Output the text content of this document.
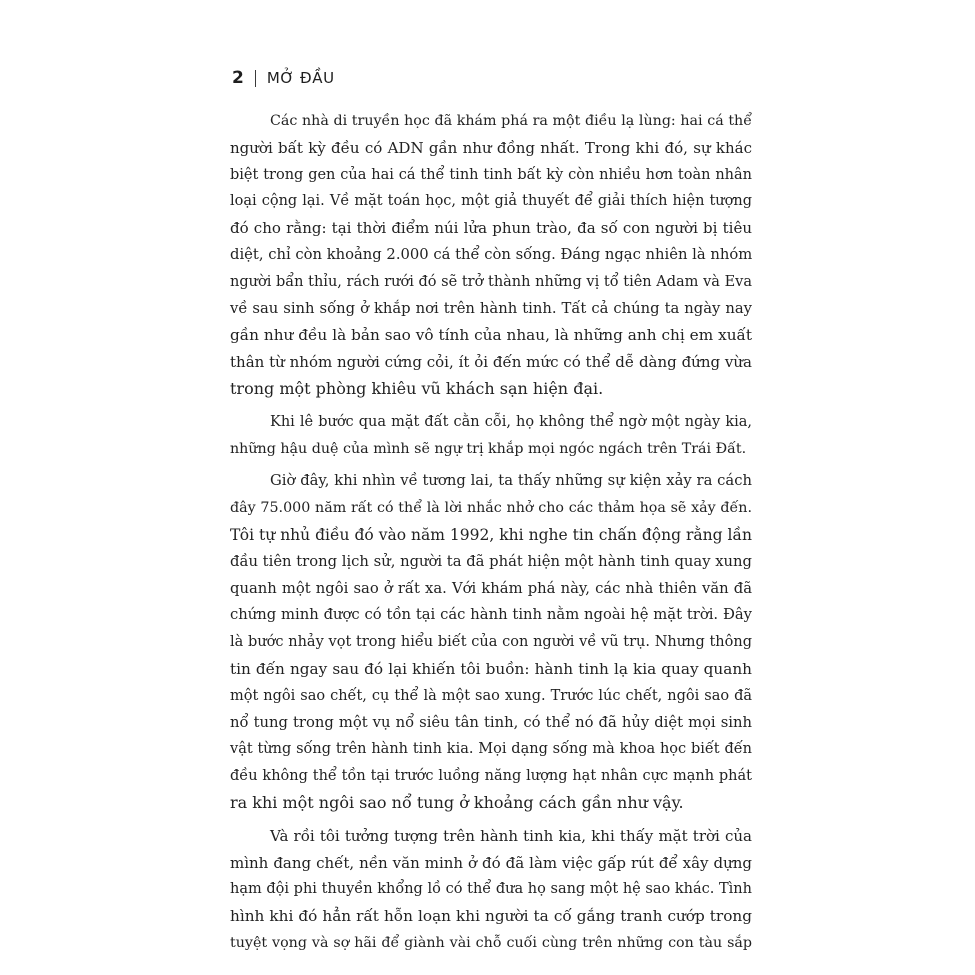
2 MỞ ĐẦU
Các nhà di truyền học đã khám phá ra một điều lạ lùng: hai cá thể
người bất kỳ đều có ADN gần như đồng nhất. Trong khi đó, sự khác
biệt trong gen của hai cá thể tinh tinh bất kỳ còn nhiều hơn toàn nhân
loại cộng lại. Về mặt toán học, một giả thuyết để giải thích hiện tượng
đó cho rằng: tại thời điểm núi lửa phun trào, đa số con người bị tiêu
diệt, chỉ còn khoảng 2.000 cá thể còn sống. Đáng ngạc nhiên là nhóm
người bẩn thỉu, rách rưới đó sẽ trở thành những vị tổ tiên Adam và Eva
về sau sinh sống ở khắp nơi trên hành tinh. Tất cả chúng ta ngày nay
gần như đều là bản sao vô tính của nhau, là những anh chị em xuất
thân từ nhóm người cứng cỏi, ít ỏi đến mức có thể dễ dàng đứng vừa
trong một phòng khiêu vũ khách sạn hiện đại.
Khi lê bước qua mặt đất cằn cỗi, họ không thể ngờ một ngày kia,
những hậu duệ của mình sẽ ngự trị khắp mọi ngóc ngách trên Trái Đất.
Giờ đây, khi nhìn về tương lai, ta thấy những sự kiện xảy ra cách
đây 75.000 năm rất có thể là lời nhắc nhở cho các thảm họa sẽ xảy đến.
Tôi tự nhủ điều đó vào năm 1992, khi nghe tin chấn động rằng lần
đầu tiên trong lịch sử, người ta đã phát hiện một hành tinh quay xung
quanh một ngôi sao ở rất xa. Với khám phá này, các nhà thiên văn đã
chứng minh được có tồn tại các hành tinh nằm ngoài hệ mặt trời. Đây
là bước nhảy vọt trong hiểu biết của con người về vũ trụ. Nhưng thông
tin đến ngay sau đó lại khiến tôi buồn: hành tinh lạ kia quay quanh
một ngôi sao chết, cụ thể là một sao xung. Trước lúc chết, ngôi sao đã
nổ tung trong một vụ nổ siêu tân tinh, có thể nó đã hủy diệt mọi sinh
vật từng sống trên hành tinh kia. Mọi dạng sống mà khoa học biết đến
đều không thể tồn tại trước luồng năng lượng hạt nhân cực mạnh phát
ra khi một ngôi sao nổ tung ở khoảng cách gần như vậy.
Và rồi tôi tưởng tượng trên hành tinh kia, khi thấy mặt trời của
mình đang chết, nền văn minh ở đó đã làm việc gấp rút để xây dựng
hạm đội phi thuyền khổng lồ có thể đưa họ sang một hệ sao khác. Tình
hình khi đó hẳn rất hỗn loạn khi người ta cố gắng tranh cướp trong
tuyệt vọng và sợ hãi để giành vài chỗ cuối cùng trên những con tàu sắp
